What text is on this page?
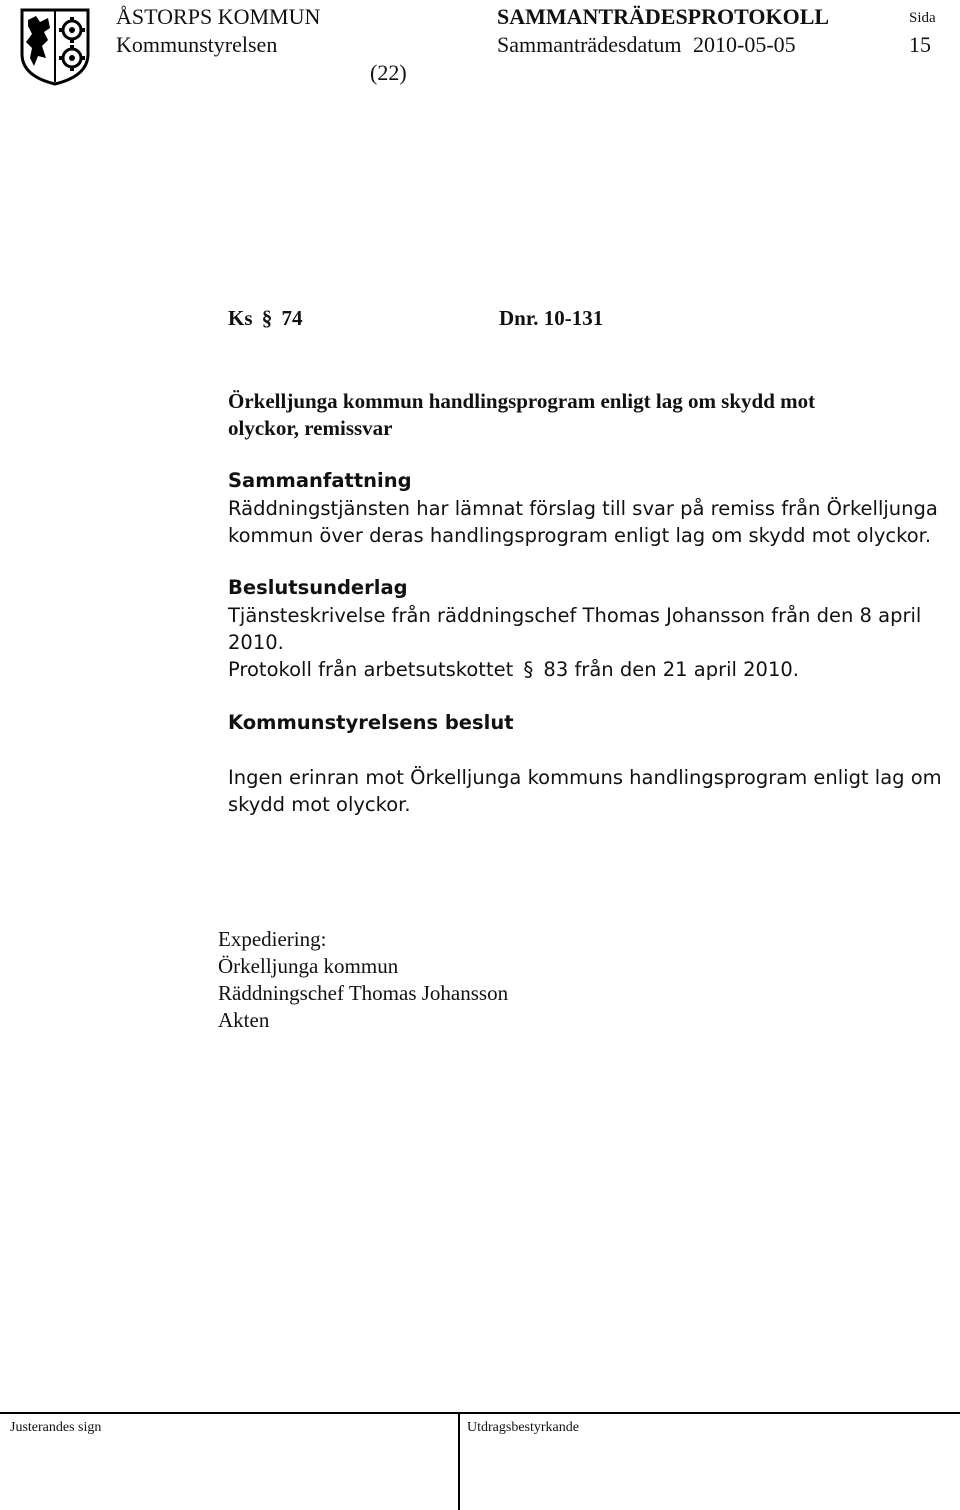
ÅSTORPS KOMMUN
Kommunstyrelsen
SAMMANTRÄDESPROTOKOLL
Sammanträdesdatum 2010-05-05
Sida
15
(22)
Ks § 74	Dnr. 10-131
Örkelljunga kommun handlingsprogram enligt lag om skydd mot
olyckor, remissvar
Sammanfattning
Räddningstjänsten har lämnat förslag till svar på remiss från Örkelljunga
kommun över deras handlingsprogram enligt lag om skydd mot olyckor.
Beslutsunderlag
Tjänsteskrivelse från räddningschef Thomas Johansson från den 8 april
2010.
Protokoll från arbetsutskottet § 83 från den 21 april 2010.
Kommunstyrelsens beslut
Ingen erinran mot Örkelljunga kommuns handlingsprogram enligt lag om
skydd mot olyckor.
Expediering:
Örkelljunga kommun
Räddningschef Thomas Johansson
Akten
Justerandes sign	Utdragsbestyrkande
